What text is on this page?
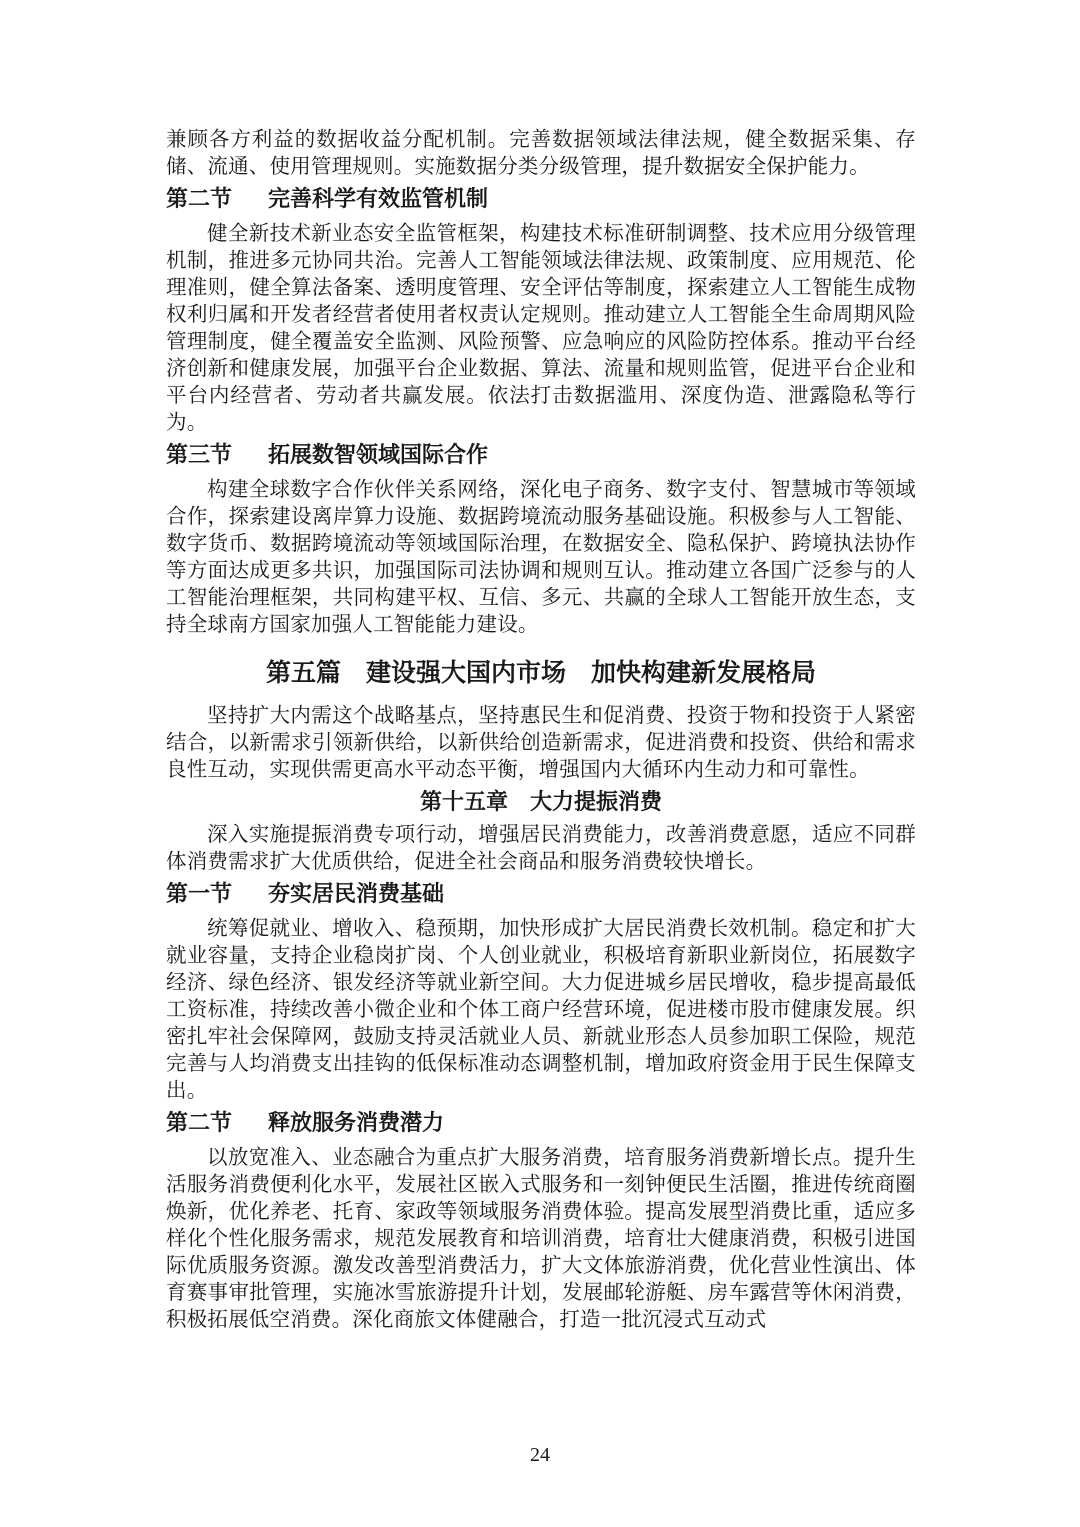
兼顾各方利益的数据收益分配机制。完善数据领域法律法规，健全数据采集、存储、流通、使用管理规则。实施数据分类分级管理，提升数据安全保护能力。

第二节 完善科学有效监管机制

健全新技术新业态安全监管框架，构建技术标准研制调整、技术应用分级管理机制，推进多元协同共治。完善人工智能领域法律法规、政策制度、应用规范、伦理准则，健全算法备案、透明度管理、安全评估等制度，探索建立人工智能生成物权利归属和开发者经营者使用者权责认定规则。推动建立人工智能全生命周期风险管理制度，健全覆盖安全监测、风险预警、应急响应的风险防控体系。推动平台经济创新和健康发展，加强平台企业数据、算法、流量和规则监管，促进平台企业和平台内经营者、劳动者共赢发展。依法打击数据滥用、深度伪造、泄露隐私等行为。

第三节 拓展数智领域国际合作

构建全球数字合作伙伴关系网络，深化电子商务、数字支付、智慧城市等领域合作，探索建设离岸算力设施、数据跨境流动服务基础设施。积极参与人工智能、数字货币、数据跨境流动等领域国际治理，在数据安全、隐私保护、跨境执法协作等方面达成更多共识，加强国际司法协调和规则互认。推动建立各国广泛参与的人工智能治理框架，共同构建平权、互信、多元、共赢的全球人工智能开放生态，支持全球南方国家加强人工智能能力建设。

第五篇　建设强大国内市场　加快构建新发展格局

坚持扩大内需这个战略基点，坚持惠民生和促消费、投资于物和投资于人紧密结合，以新需求引领新供给，以新供给创造新需求，促进消费和投资、供给和需求良性互动，实现供需更高水平动态平衡，增强国内大循环内生动力和可靠性。

第十五章　大力提振消费

深入实施提振消费专项行动，增强居民消费能力，改善消费意愿，适应不同群体消费需求扩大优质供给，促进全社会商品和服务消费较快增长。

第一节 夯实居民消费基础

统筹促就业、增收入、稳预期，加快形成扩大居民消费长效机制。稳定和扩大就业容量，支持企业稳岗扩岗、个人创业就业，积极培育新职业新岗位，拓展数字经济、绿色经济、银发经济等就业新空间。大力促进城乡居民增收，稳步提高最低工资标准，持续改善小微企业和个体工商户经营环境，促进楼市股市健康发展。织密扎牢社会保障网，鼓励支持灵活就业人员、新就业形态人员参加职工保险，规范完善与人均消费支出挂钩的低保标准动态调整机制，增加政府资金用于民生保障支出。

第二节 释放服务消费潜力

以放宽准入、业态融合为重点扩大服务消费，培育服务消费新增长点。提升生活服务消费便利化水平，发展社区嵌入式服务和一刻钟便民生活圈，推进传统商圈焕新，优化养老、托育、家政等领域服务消费体验。提高发展型消费比重，适应多样化个性化服务需求，规范发展教育和培训消费，培育壮大健康消费，积极引进国际优质服务资源。激发改善型消费活力，扩大文体旅游消费，优化营业性演出、体育赛事审批管理，实施冰雪旅游提升计划，发展邮轮游艇、房车露营等休闲消费，积极拓展低空消费。深化商旅文体健融合，打造一批沉浸式互动式

24
